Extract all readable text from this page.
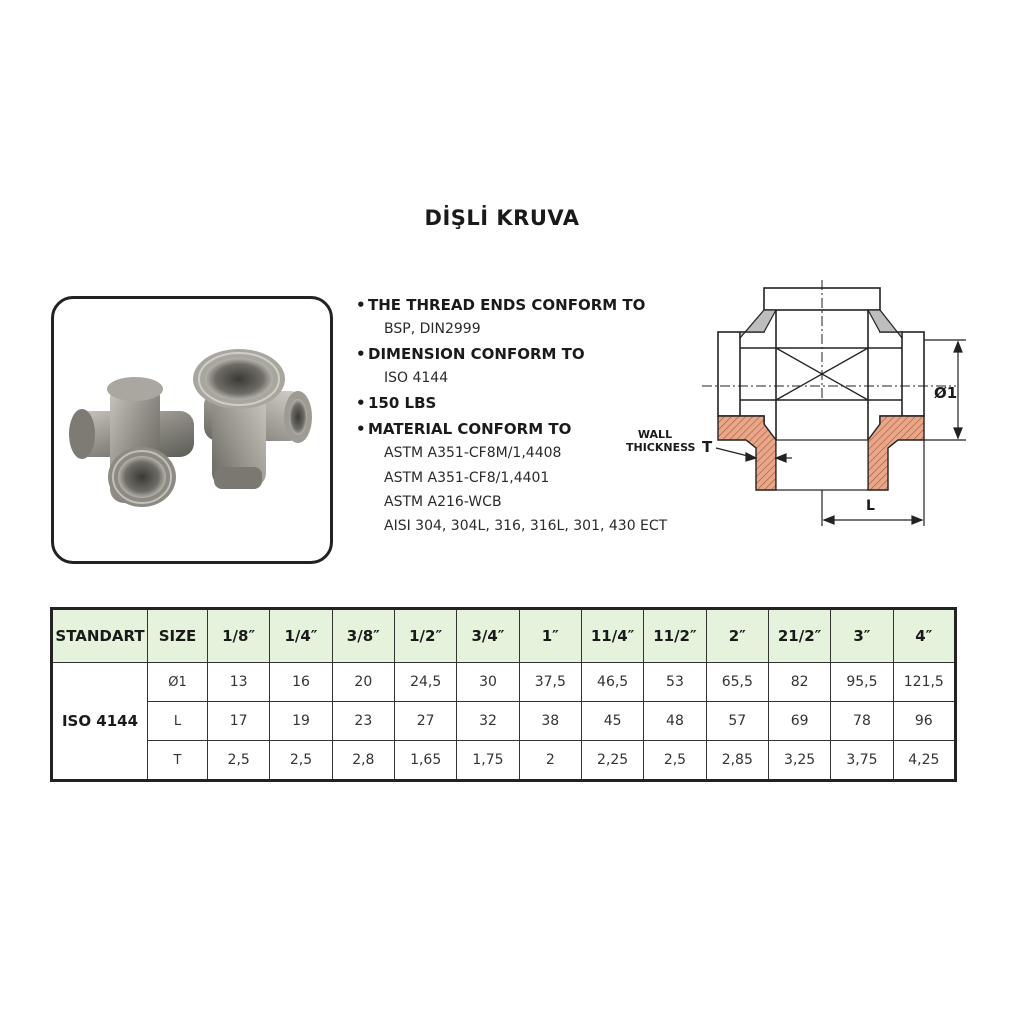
DİŞLİ KRUVA

• THE THREAD ENDS CONFORM TO

BSP, DIN2999

• DIMENSION CONFORM TO

ISO 4144

• 150 LBS

• MATERIAL CONFORM TO

ASTM A351-CF8M/1,4408

ASTM A351-CF8/1,4401

ASTM A216-WCB

AISI 304, 304L, 316, 316L, 301, 430 ECT

WALL
THICKNESS T
Ø1
L
STANDART	SIZE	1/8″	1/4″	3/8″	1/2″	3/4″	1″	11/4″	11/2″	2″	21/2″	3″	4″
ISO 4144	Ø1	13	16	20	24,5	30	37,5	46,5	53	65,5	82	95,5	121,5
	L	17	19	23	27	32	38	45	48	57	69	78	96
	T	2,5	2,5	2,8	1,65	1,75	2	2,25	2,5	2,85	3,25	3,75	4,25
